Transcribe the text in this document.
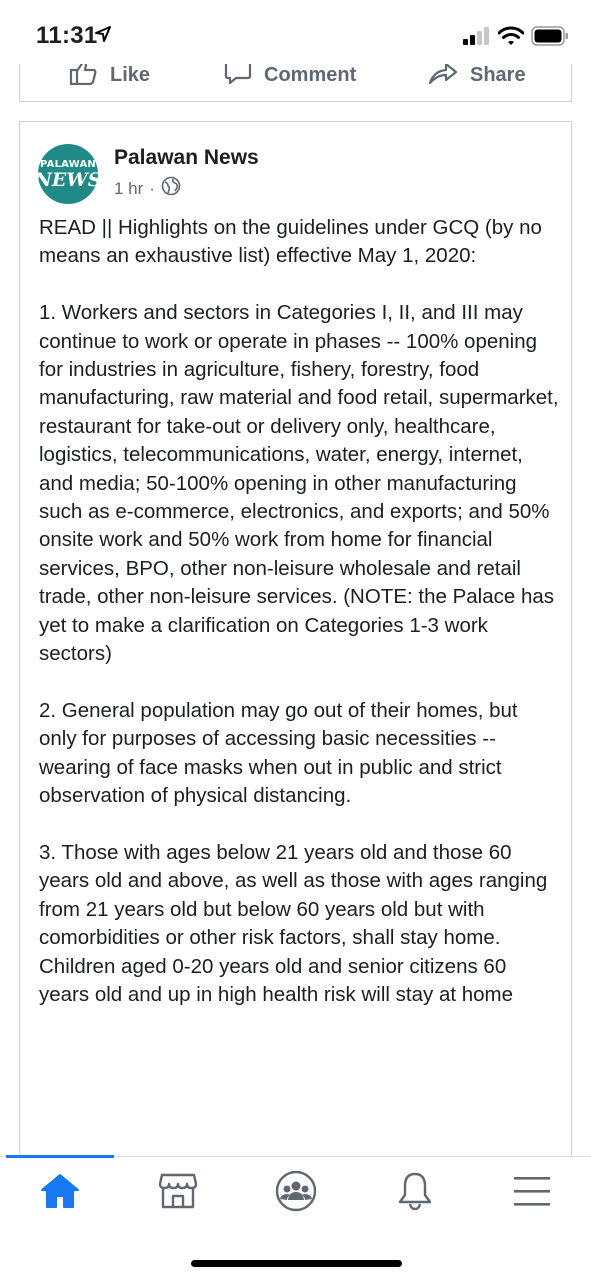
11:31
Like	Comment	Share
PALAWAN
NEWS
Palawan News
1 hr ·

READ || Highlights on the guidelines under GCQ (by no means an exhaustive list) effective May 1, 2020:

1. Workers and sectors in Categories I, II, and III may continue to work or operate in phases -- 100% opening for industries in agriculture, fishery, forestry, food manufacturing, raw material and food retail, supermarket, restaurant for take-out or delivery only, healthcare, logistics, telecommunications, water, energy, internet, and media; 50-100% opening in other manufacturing such as e-commerce, electronics, and exports; and 50% onsite work and 50% work from home for financial services, BPO, other non-leisure wholesale and retail trade, other non-leisure services. (NOTE: the Palace has yet to make a clarification on Categories 1-3 work sectors)

2. General population may go out of their homes, but only for purposes of accessing basic necessities -- wearing of face masks when out in public and strict observation of physical distancing.

3. Those with ages below 21 years old and those 60 years old and above, as well as those with ages ranging from 21 years old but below 60 years old but with comorbidities or other risk factors, shall stay home. Children aged 0-20 years old and senior citizens 60 years old and up in high health risk will stay at home
